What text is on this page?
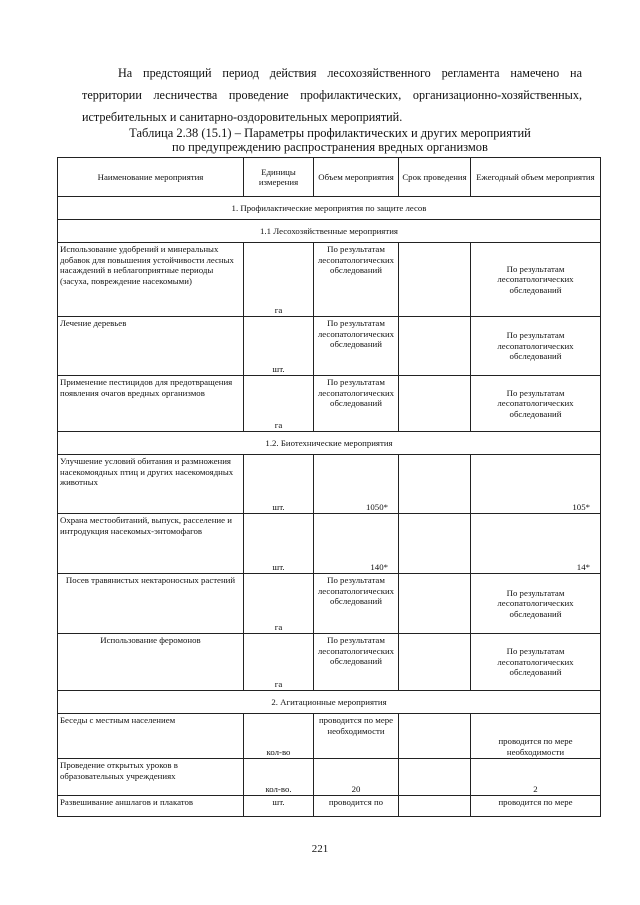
На предстоящий период действия лесохозяйственного регламента намечено на территории лесничества проведение профилактических, организационно-хозяйственных, истребительных и санитарно-оздоровительных мероприятий.

Таблица 2.38 (15.1) – Параметры профилактических и других мероприятий
по предупреждению распространения вредных организмов
Наименование мероприятия	Единицы измерения	Объем мероприятия	Срок проведения	Ежегодный объем мероприятия
1. Профилактические мероприятия по защите лесов				
1.1 Лесохозяйственные мероприятия				
Использование удобрений и минеральных добавок для повышения устойчивости лесных насаждений в неблагоприятные периоды (засуха, повреждение насекомыми)	га	По результатам лесопатологических обследований		По результатам лесопатологических обследований
Лечение деревьев	шт.	По результатам лесопатологических обследований		По результатам лесопатологических обследований
Применение пестицидов для предотвращения появления очагов вредных организмов	га	По результатам лесопатологических обследований		По результатам лесопатологических обследований
1.2. Биотехнические мероприятия				
Улучшение условий обитания и размножения насекомоядных птиц и других насекомоядных животных	шт.	1050*		105*
Охрана местообитаний, выпуск, расселение и интродукция насекомых-энтомофагов	шт.	140*		14*
Посев травянистых нектароносных растений	га	По результатам лесопатологических обследований		По результатам лесопатологических обследований
Использование феромонов	га	По результатам лесопатологических обследований		По результатам лесопатологических обследований
2. Агитационные мероприятия				
Беседы с местным населением	кол-во	проводится по мере необходимости		проводится по мере необходимости
Проведение открытых уроков в образовательных учреждениях	кол-во.	20		2
Развешивание аншлагов и плакатов	шт.	проводится по		проводится по мере
221
